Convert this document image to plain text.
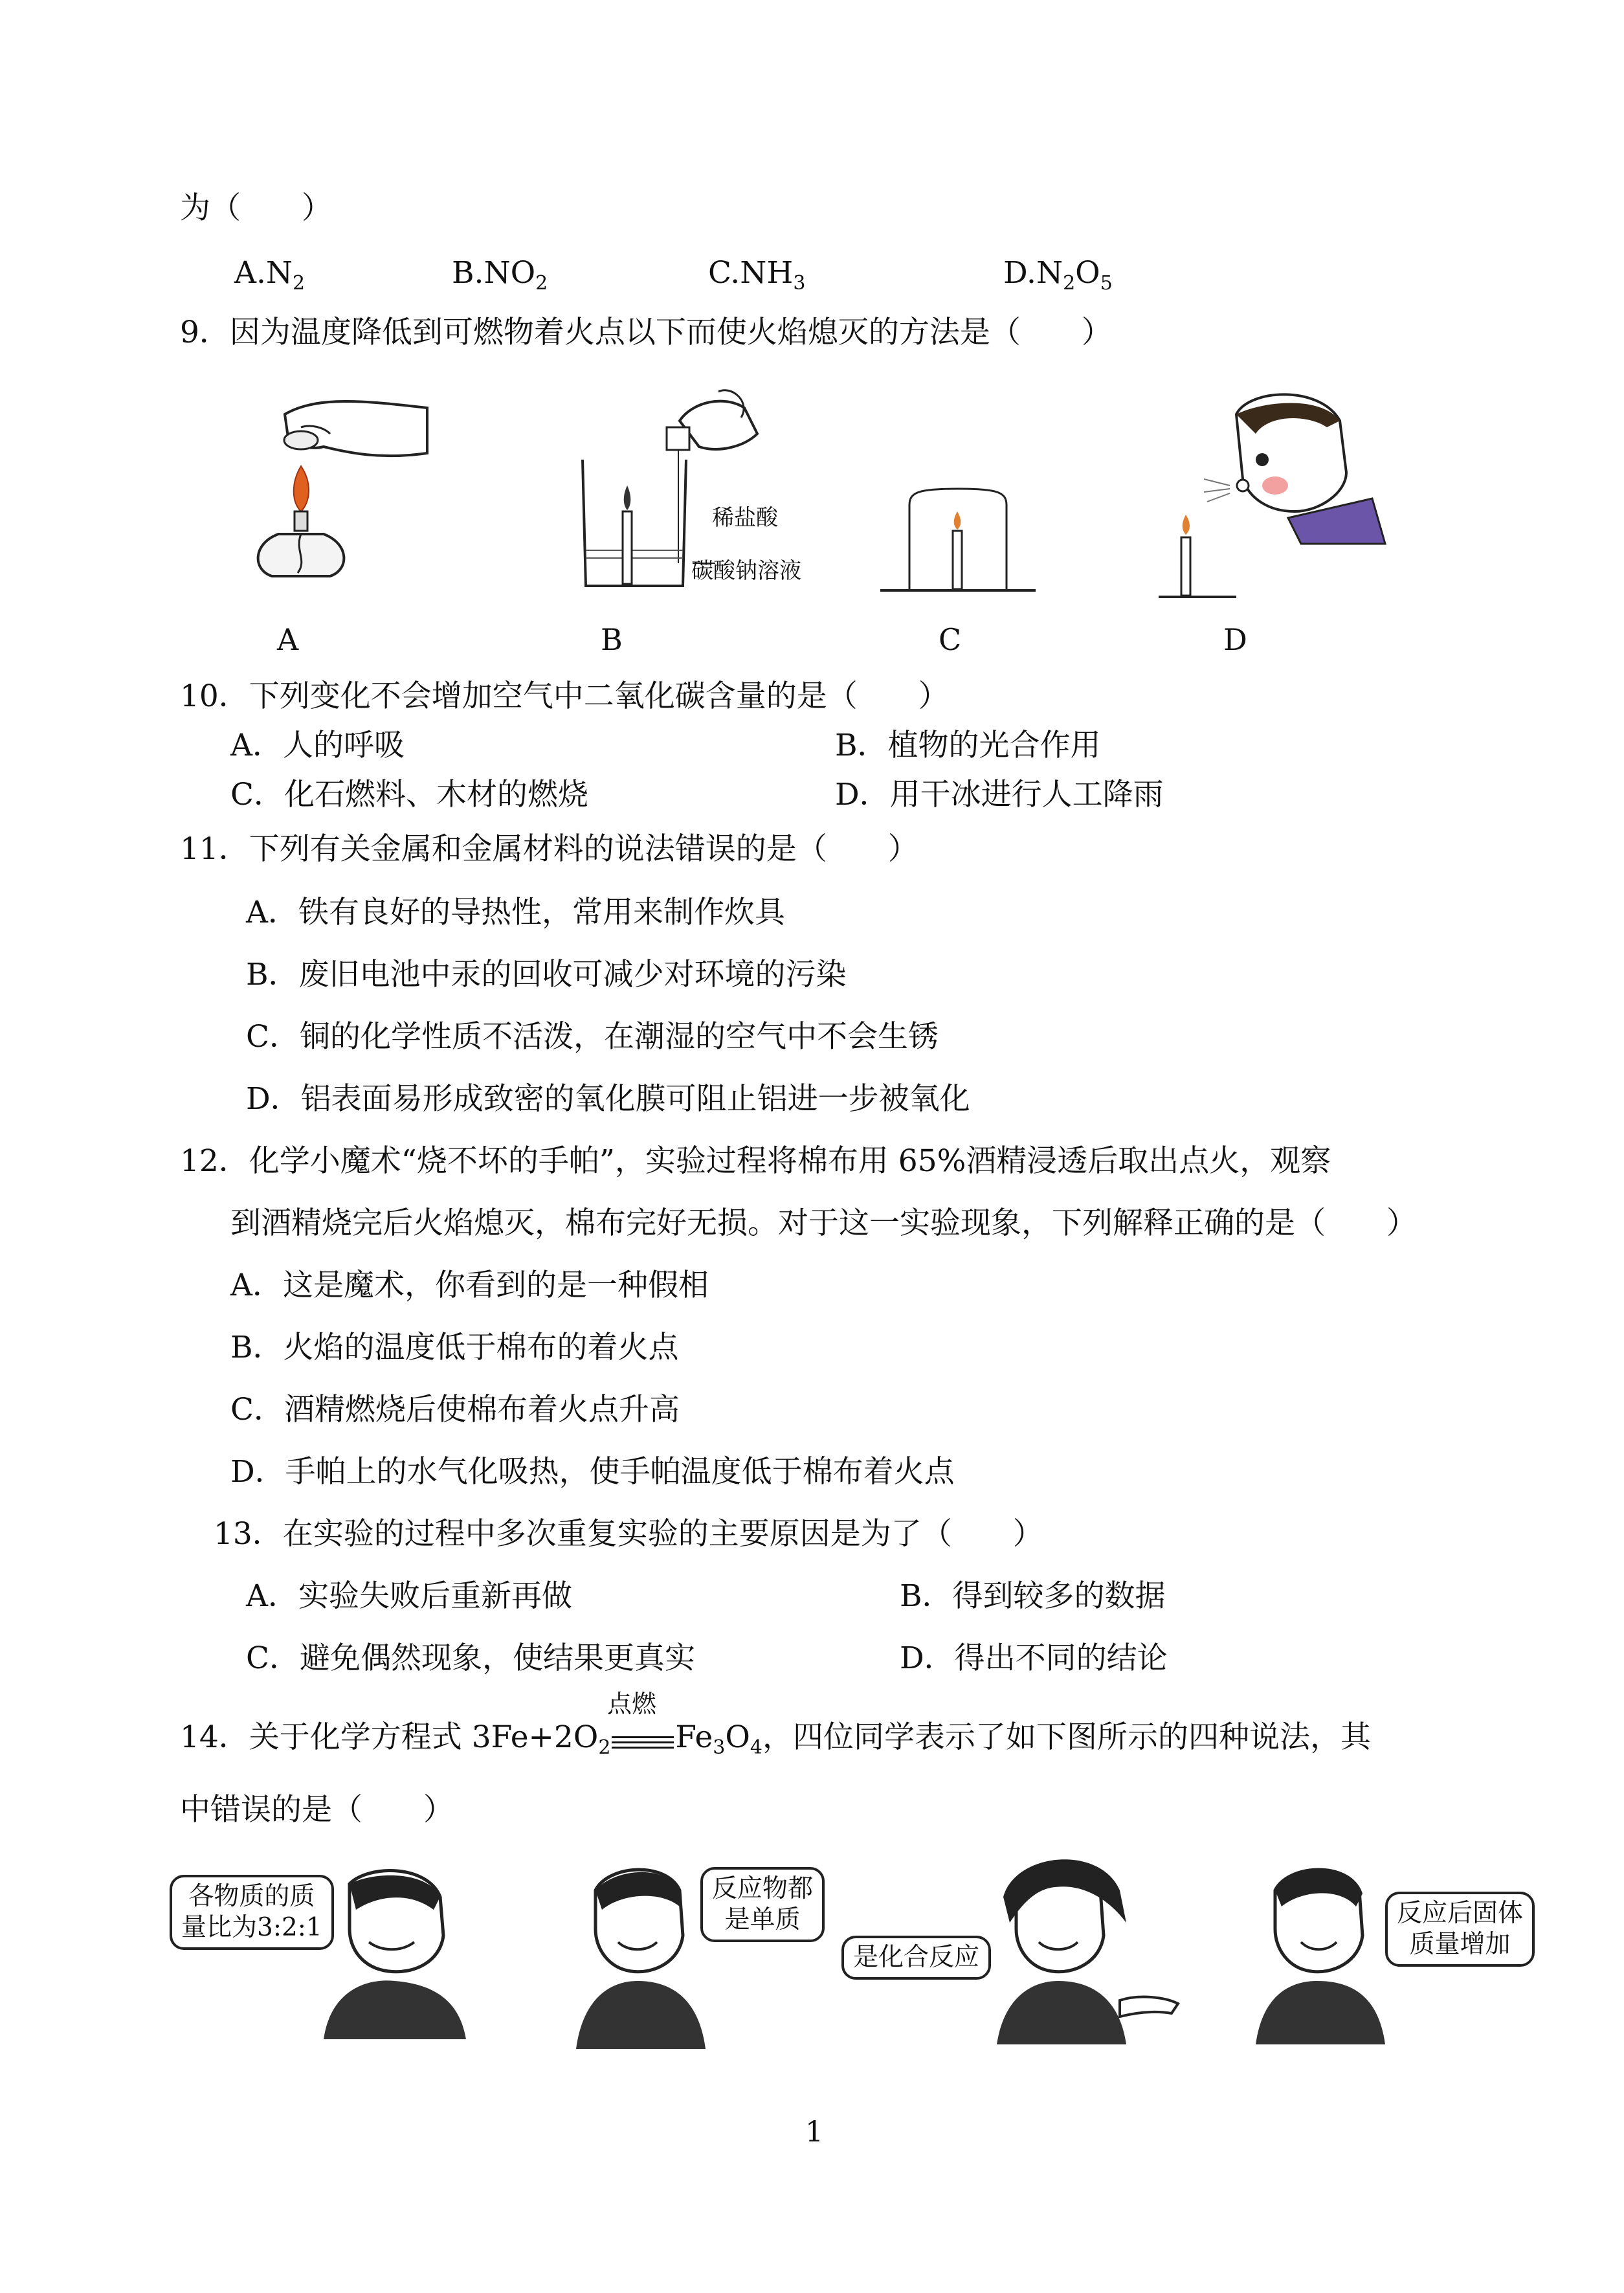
为（　　）
$A.N_2$	$B.NO_2$	$C.NH_3$	$D.N_2O_5$
9．因为温度降低到可燃物着火点以下而使火焰熄灭的方法是（　　）
A
稀盐酸
碳酸钠溶液
B	C	D
10．下列变化不会增加空气中二氧化碳含量的是（　　）
A．人的呼吸	B．植物的光合作用
C．化石燃料、木材的燃烧	D．用干冰进行人工降雨
11．下列有关金属和金属材料的说法错误的是（　　）
A．铁有良好的导热性，常用来制作炊具
B．废旧电池中汞的回收可减少对环境的污染
C．铜的化学性质不活泼，在潮湿的空气中不会生锈
D．铝表面易形成致密的氧化膜可阻止铝进一步被氧化
12．化学小魔术“烧不坏的手帕”，实验过程将棉布用 65%酒精浸透后取出点火，观察
到酒精烧完后火焰熄灭，棉布完好无损。对于这一实验现象，下列解释正确的是（　　）
A．这是魔术，你看到的是一种假相
B．火焰的温度低于棉布的着火点
C．酒精燃烧后使棉布着火点升高
D．手帕上的水气化吸热，使手帕温度低于棉布着火点
13．在实验的过程中多次重复实验的主要原因是为了（　　）
A．实验失败后重新再做	B．得到较多的数据
C．避免偶然现象，使结果更真实	D．得出不同的结论
14．关于化学方程式 $3Fe+2O_2$ $Fe_3O_4$，四位同学表示了如下图所示的四种说法，其
点燃
中错误的是（　　）
各物质的质
量比为3:2:1
反应物都
是单质
是化合反应
反应后固体
质量增加
1
